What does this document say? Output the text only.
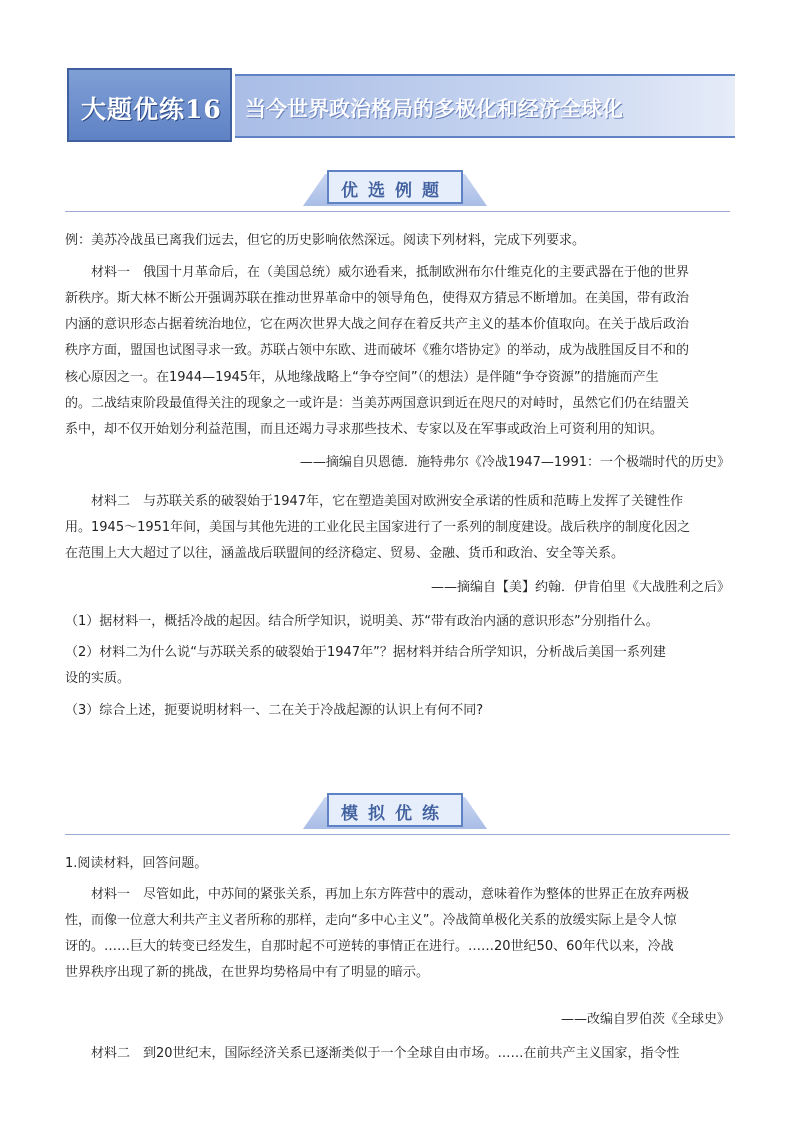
大题优练16 当今世界政治格局的多极化和经济全球化
优选例题
例：美苏冷战虽已离我们远去，但它的历史影响依然深远。阅读下列材料，完成下列要求。
材料一　俄国十月革命后，在（美国总统）威尔逊看来，抵制欧洲布尔什维克化的主要武器在于他的世界
新秩序。斯大林不断公开强调苏联在推动世界革命中的领导角色，使得双方猜忌不断增加。在美国，带有政治
内涵的意识形态占据着统治地位，它在两次世界大战之间存在着反共产主义的基本价值取向。在关于战后政治
秩序方面，盟国也试图寻求一致。苏联占领中东欧、进而破坏《雅尔塔协定》的举动，成为战胜国反目不和的
核心原因之一。在1944—1945年，从地缘战略上“争夺空间”（的想法）是伴随“争夺资源”的措施而产生
的。二战结束阶段最值得关注的现象之一或许是：当美苏两国意识到近在咫尺的对峙时，虽然它们仍在结盟关
系中，却不仅开始划分利益范围，而且还竭力寻求那些技术、专家以及在军事或政治上可资利用的知识。
——摘编自贝恩德．施特弗尔《冷战1947—1991：一个极端时代的历史》
材料二　与苏联关系的破裂始于1947年，它在塑造美国对欧洲安全承诺的性质和范畴上发挥了关键性作
用。1945～1951年间，美国与其他先进的工业化民主国家进行了一系列的制度建设。战后秩序的制度化因之
在范围上大大超过了以往，涵盖战后联盟间的经济稳定、贸易、金融、货币和政治、安全等关系。
——摘编自【美】约翰．伊肯伯里《大战胜利之后》
（1）据材料一，概括冷战的起因。结合所学知识，说明美、苏“带有政治内涵的意识形态”分别指什么。
（2）材料二为什么说“与苏联关系的破裂始于1947年”？据材料并结合所学知识，分析战后美国一系列建
设的实质。
（3）综合上述，扼要说明材料一、二在关于冷战起源的认识上有何不同?
模拟优练
1.阅读材料，回答问题。
材料一　尽管如此，中苏间的紧张关系，再加上东方阵营中的震动，意味着作为整体的世界正在放弃两极
性，而像一位意大利共产主义者所称的那样，走向“多中心主义”。冷战简单极化关系的放缓实际上是令人惊
讶的。……巨大的转变已经发生，自那时起不可逆转的事情正在进行。……20世纪50、60年代以来，冷战
世界秩序出现了新的挑战，在世界均势格局中有了明显的暗示。
——改编自罗伯茨《全球史》
材料二　到20世纪末，国际经济关系已逐渐类似于一个全球自由市场。……在前共产主义国家，指令性
